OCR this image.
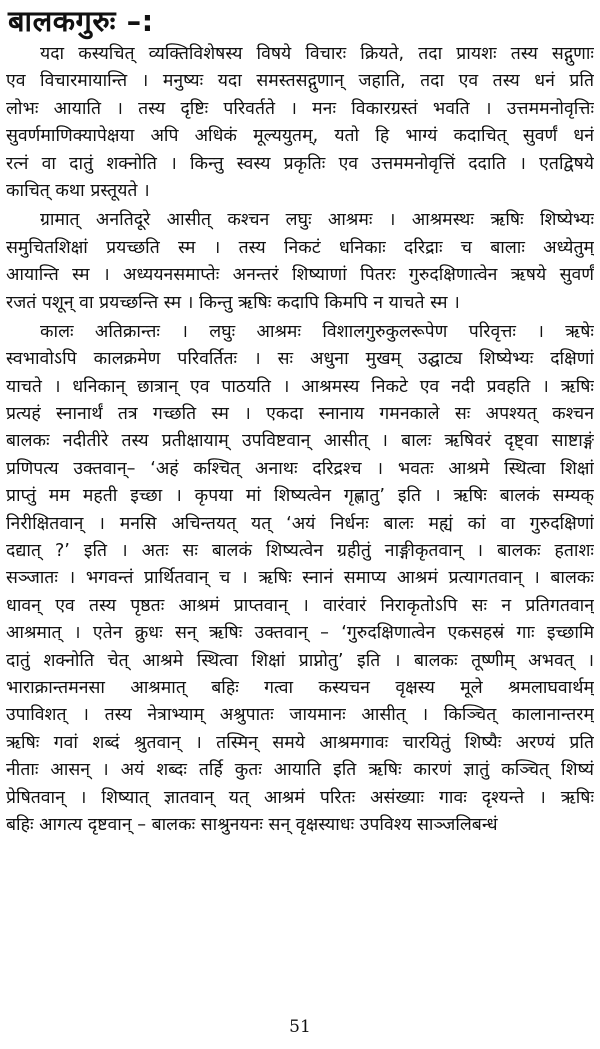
बालकगुरुः –:
यदा कस्यचित् व्यक्तिविशेषस्य विषये विचारः क्रियते, तदा प्रायशः तस्य सद्गुणाः
एव विचारमायान्ति । मनुष्यः यदा समस्तसद्गुणान् जहाति, तदा एव तस्य धनं प्रति
लोभः आयाति । तस्य दृष्टिः परिवर्तते । मनः विकारग्रस्तं भवति । उत्तममनोवृत्तिः
सुवर्णमाणिक्यापेक्षया अपि अधिकं मूल्ययुतम्, यतो हि भाग्यं कदाचित् सुवर्णं धनं
रत्नं वा दातुं शक्नोति । किन्तु स्वस्य प्रकृतिः एव उत्तममनोवृत्तिं ददाति । एतद्विषये
काचित् कथा प्रस्तूयते ।
ग्रामात् अनतिदूरे आसीत् कश्चन लघुः आश्रमः । आश्रमस्थः ऋषिः शिष्येभ्यः
समुचितशिक्षां प्रयच्छति स्म । तस्य निकटं धनिकाः दरिद्राः च बालाः अध्येतुम्
आयान्ति स्म । अध्ययनसमाप्तेः अनन्तरं शिष्याणां पितरः गुरुदक्षिणात्वेन ऋषये सुवर्णं
रजतं पशून् वा प्रयच्छन्ति स्म । किन्तु ऋषिः कदापि किमपि न याचते स्म ।
कालः अतिक्रान्तः । लघुः आश्रमः विशालगुरुकुलरूपेण परिवृत्तः । ऋषेः
स्वभावोऽपि कालक्रमेण परिवर्तितः । सः अधुना मुखम् उद्घाट्य शिष्येभ्यः दक्षिणां
याचते । धनिकान् छात्रान् एव पाठयति । आश्रमस्य निकटे एव नदी प्रवहति । ऋषिः
प्रत्यहं स्नानार्थं तत्र गच्छति स्म । एकदा स्नानाय गमनकाले सः अपश्यत् कश्चन
बालकः नदीतीरे तस्य प्रतीक्षायाम् उपविष्टवान् आसीत् । बालः ऋषिवरं दृष्ट्वा साष्टाङ्गं
प्रणिपत्य उक्तवान्– ‘अहं कश्चित् अनाथः दरिद्रश्च । भवतः आश्रमे स्थित्वा शिक्षां
प्राप्तुं मम महती इच्छा । कृपया मां शिष्यत्वेन गृह्णातु’ इति । ऋषिः बालकं सम्यक्
निरीक्षितवान् । मनसि अचिन्तयत् यत् ‘अयं निर्धनः बालः मह्यं कां वा गुरुदक्षिणां
दद्यात् ?’ इति । अतः सः बालकं शिष्यत्वेन ग्रहीतुं नाङ्गीकृतवान् । बालकः हताशः
सञ्जातः । भगवन्तं प्रार्थितवान् च । ऋषिः स्नानं समाप्य आश्रमं प्रत्यागतवान् । बालकः
धावन् एव तस्य पृष्ठतः आश्रमं प्राप्तवान् । वारंवारं निराकृतोऽपि सः न प्रतिगतवान्
आश्रमात् । एतेन क्रुधः सन् ऋषिः उक्तवान् – ‘गुरुदक्षिणात्वेन एकसहस्रं गाः इच्छामि
दातुं शक्नोति चेत् आश्रमे स्थित्वा शिक्षां प्राप्नोतु’ इति । बालकः तूष्णीम् अभवत् ।
भाराक्रान्तमनसा आश्रमात् बहिः गत्वा कस्यचन वृक्षस्य मूले श्रमलाघवार्थम्
उपाविशत् । तस्य नेत्राभ्याम् अश्रुपातः जायमानः आसीत् । किञ्चित् कालानान्तरम्
ऋषिः गवां शब्दं श्रुतवान् । तस्मिन् समये आश्रमगावः चारयितुं शिष्यैः अरण्यं प्रति
नीताः आसन् । अयं शब्दः तर्हि कुतः आयाति इति ऋषिः कारणं ज्ञातुं कञ्चित् शिष्यं
प्रेषितवान् । शिष्यात् ज्ञातवान् यत् आश्रमं परितः असंख्याः गावः दृश्यन्ते । ऋषिः
बहिः आगत्य दृष्टवान् – बालकः साश्रुनयनः सन् वृक्षस्याधः उपविश्य साञ्जलिबन्धं
51
